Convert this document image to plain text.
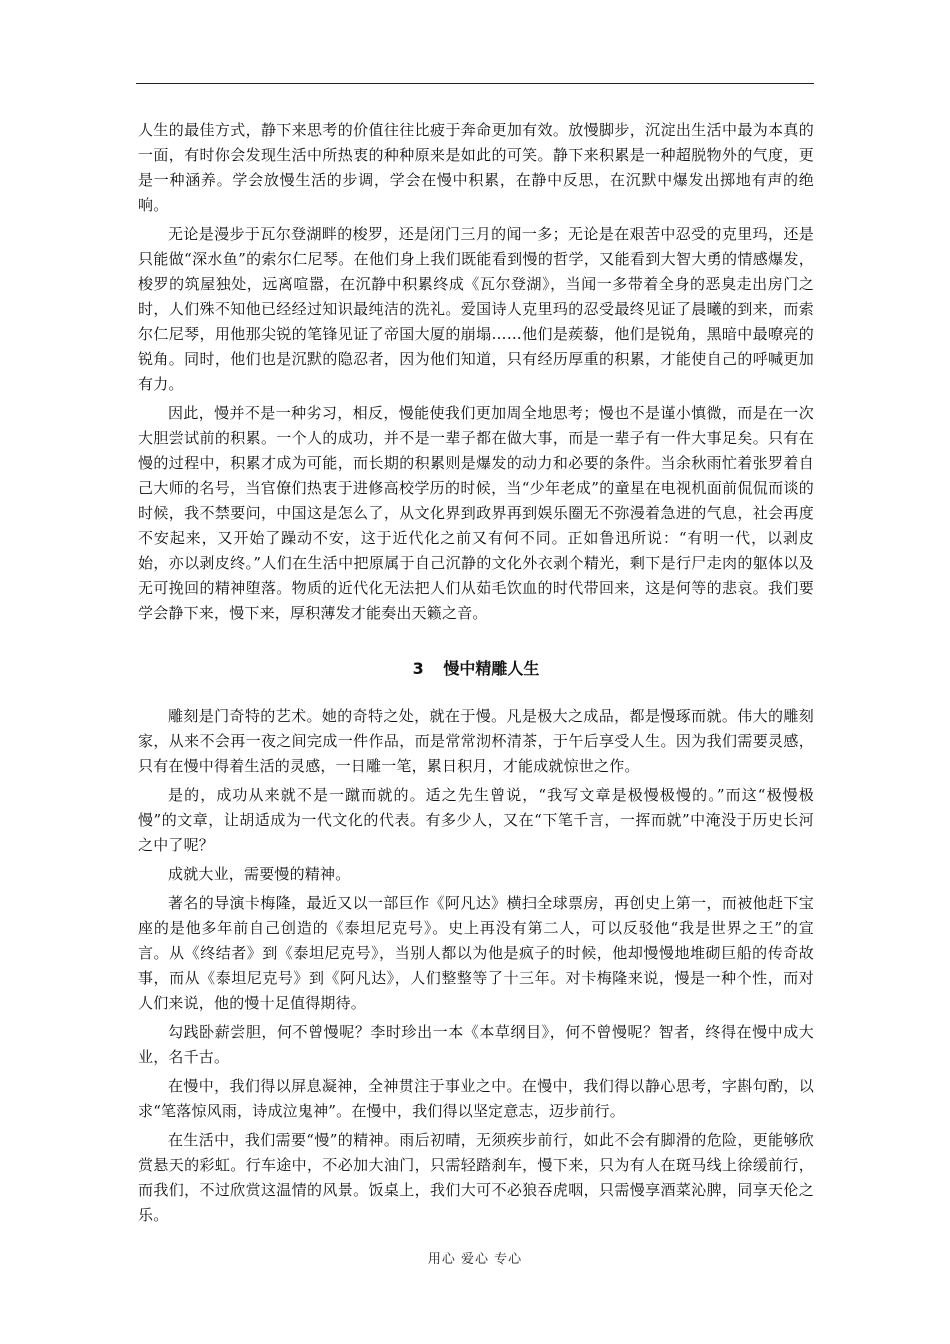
人生的最佳方式，静下来思考的价值往往比疲于奔命更加有效。放慢脚步，沉淀出生活中最为本真的一面，有时你会发现生活中所热衷的种种原来是如此的可笑。静下来积累是一种超脱物外的气度，更是一种涵养。学会放慢生活的步调，学会在慢中积累，在静中反思，在沉默中爆发出掷地有声的绝响。

无论是漫步于瓦尔登湖畔的梭罗，还是闭门三月的闻一多；无论是在艰苦中忍受的克里玛，还是只能做“深水鱼”的索尔仁尼琴。在他们身上我们既能看到慢的哲学，又能看到大智大勇的情感爆发，梭罗的筑屋独处，远离喧嚣，在沉静中积累终成《瓦尔登湖》，当闻一多带着全身的恶臭走出房门之时，人们殊不知他已经经过知识最纯洁的洗礼。爱国诗人克里玛的忍受最终见证了晨曦的到来，而索尔仁尼琴，用他那尖锐的笔锋见证了帝国大厦的崩塌……他们是蒺藜，他们是锐角，黑暗中最嘹亮的锐角。同时，他们也是沉默的隐忍者，因为他们知道，只有经历厚重的积累，才能使自己的呼喊更加有力。

因此，慢并不是一种劣习，相反，慢能使我们更加周全地思考；慢也不是谨小慎微，而是在一次大胆尝试前的积累。一个人的成功，并不是一辈子都在做大事，而是一辈子有一件大事足矣。只有在慢的过程中，积累才成为可能，而长期的积累则是爆发的动力和必要的条件。当余秋雨忙着张罗着自己大师的名号，当官僚们热衷于进修高校学历的时候，当“少年老成”的童星在电视机面前侃侃而谈的时候，我不禁要问，中国这是怎么了，从文化界到政界再到娱乐圈无不弥漫着急进的气息，社会再度不安起来，又开始了躁动不安，这于近代化之前又有何不同。正如鲁迅所说：“有明一代，以剥皮始，亦以剥皮终。”人们在生活中把原属于自己沉静的文化外衣剥个精光，剩下是行尸走肉的躯体以及无可挽回的精神堕落。物质的近代化无法把人们从茹毛饮血的时代带回来，这是何等的悲哀。我们要学会静下来，慢下来，厚积薄发才能奏出天籁之音。

3 慢中精雕人生

雕刻是门奇特的艺术。她的奇特之处，就在于慢。凡是极大之成品，都是慢琢而就。伟大的雕刻家，从来不会再一夜之间完成一件作品，而是常常沏杯清茶，于午后享受人生。因为我们需要灵感，只有在慢中得着生活的灵感，一日雕一笔，累日积月，才能成就惊世之作。

是的，成功从来就不是一蹴而就的。适之先生曾说，“我写文章是极慢极慢的。”而这“极慢极慢”的文章，让胡适成为一代文化的代表。有多少人，又在“下笔千言，一挥而就”中淹没于历史长河之中了呢？

成就大业，需要慢的精神。

著名的导演卡梅隆，最近又以一部巨作《阿凡达》横扫全球票房，再创史上第一，而被他赶下宝座的是他多年前自己创造的《泰坦尼克号》。史上再没有第二人，可以反驳他“我是世界之王”的宣言。从《终结者》到《泰坦尼克号》，当别人都以为他是疯子的时候，他却慢慢地堆砌巨船的传奇故事，而从《泰坦尼克号》到《阿凡达》，人们整整等了十三年。对卡梅隆来说，慢是一种个性，而对人们来说，他的慢十足值得期待。

勾践卧薪尝胆，何不曾慢呢？李时珍出一本《本草纲目》，何不曾慢呢？智者，终得在慢中成大业，名千古。

在慢中，我们得以屏息凝神，全神贯注于事业之中。在慢中，我们得以静心思考，字斟句酌，以求“笔落惊风雨，诗成泣鬼神”。在慢中，我们得以坚定意志，迈步前行。

在生活中，我们需要“慢”的精神。雨后初晴，无须疾步前行，如此不会有脚滑的危险，更能够欣赏悬天的彩虹。行车途中，不必加大油门，只需轻踏刹车，慢下来，只为有人在斑马线上徐缓前行，而我们，不过欣赏这温情的风景。饭桌上，我们大可不必狼吞虎咽，只需慢享酒菜沁脾，同享天伦之乐。

用心 爱心 专心
